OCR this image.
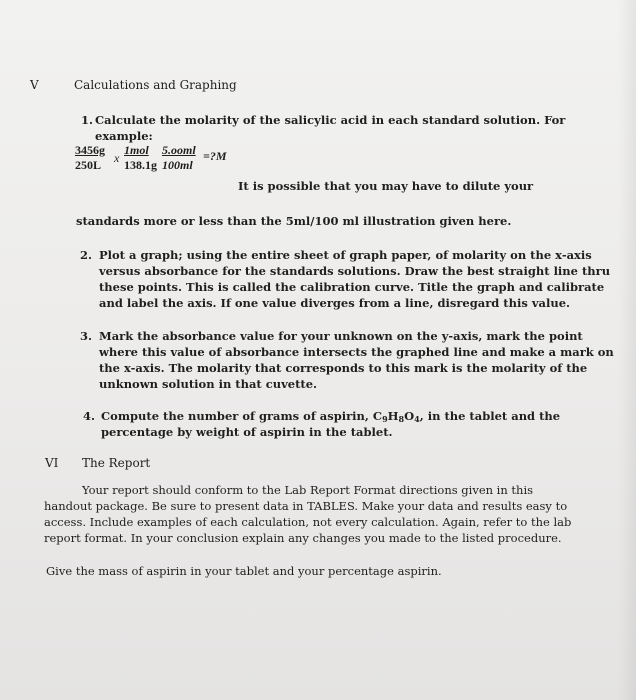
V	Calculations and Graphing
1. Calculate the molarity of the salicylic acid in each standard solution. For
example:
$\frac{3456g}{250L}$ x
1mol
138.1g
5.ooml
100ml
=?M
It is possible that you may have to dilute your
standards more or less than the 5ml/100 ml illustration given here.
2. Plot a graph; using the entire sheet of graph paper, of molarity on the x-axis
versus absorbance for the standards solutions. Draw the best straight line thru
these points. This is called the calibration curve. Title the graph and calibrate
and label the axis. If one value diverges from a line, disregard this value.
3. Mark the absorbance value for your unknown on the y-axis, mark the point
where this value of absorbance intersects the graphed line and make a mark on
the x-axis. The molarity that corresponds to this mark is the molarity of the
unknown solution in that cuvette.
4. Compute the number of grams of aspirin, $C_9H_8O_4$, in the tablet and the
percentage by weight of aspirin in the tablet.
VI The Report
Your report should conform to the Lab Report Format directions given in this
handout package. Be sure to present data in TABLES. Make your data and results easy to
access. Include examples of each calculation, not every calculation. Again, refer to the lab
report format. In your conclusion explain any changes you made to the listed procedure.
Give the mass of aspirin in your tablet and your percentage aspirin.
